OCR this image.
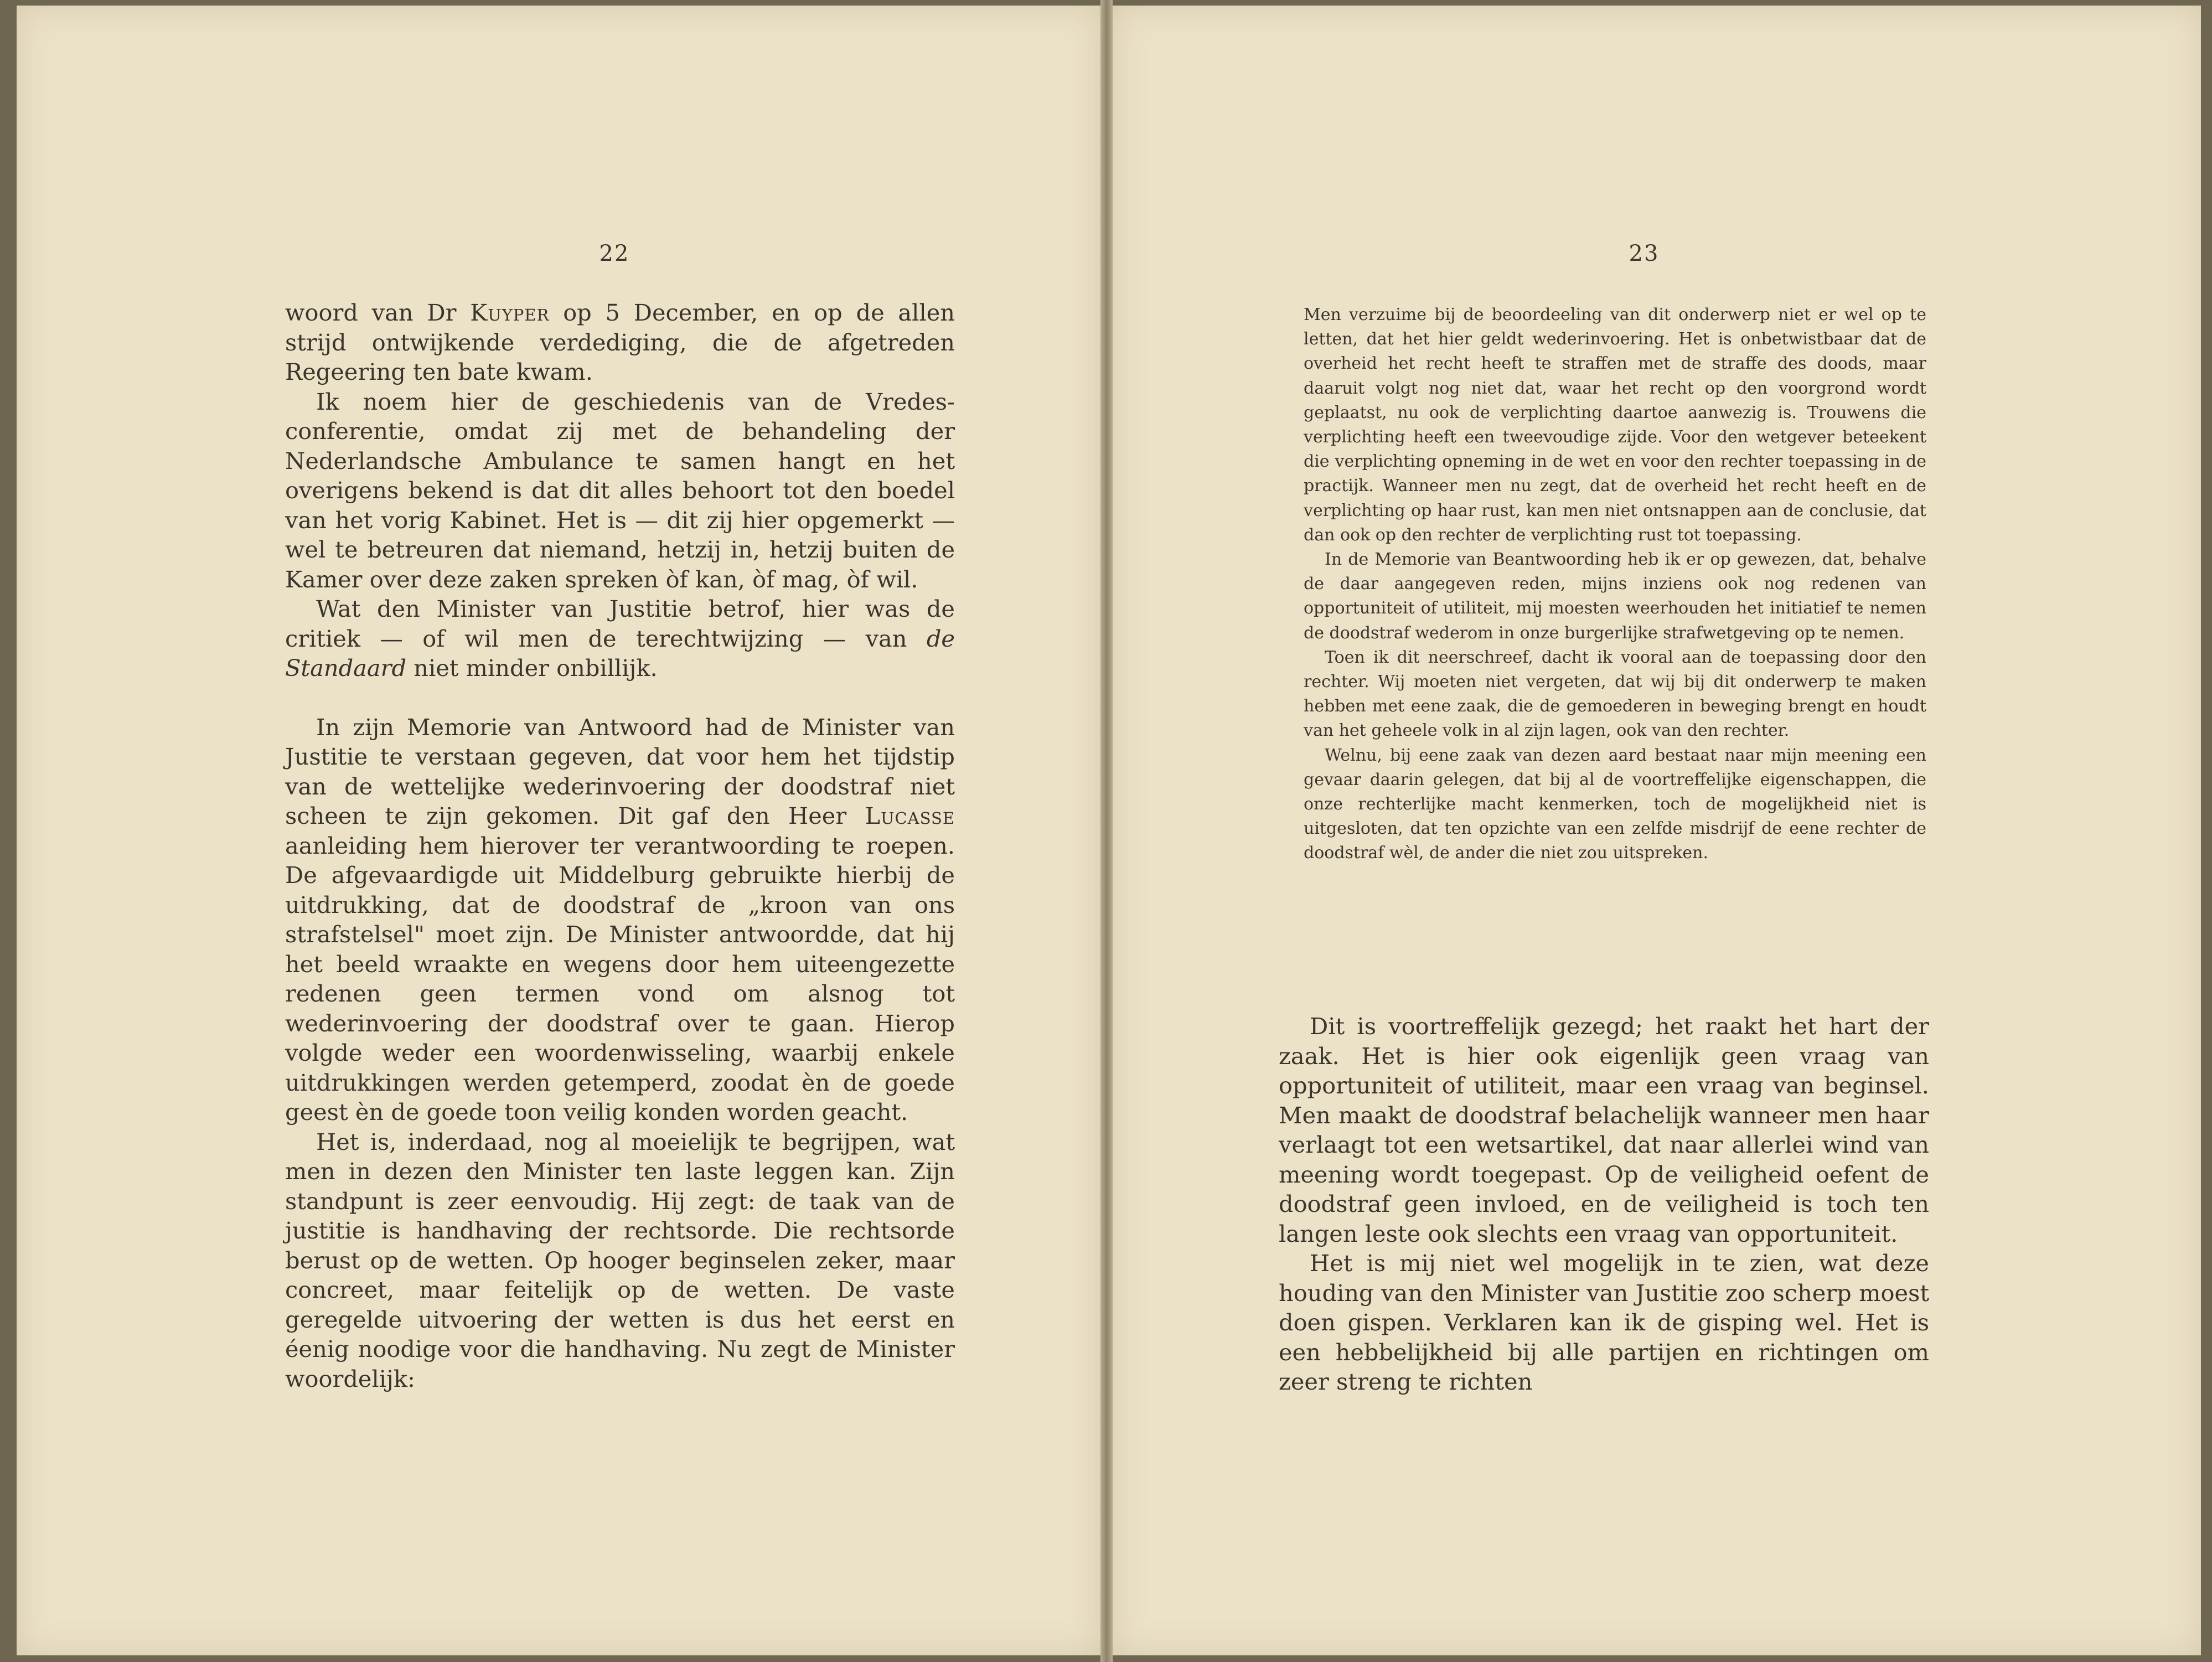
22

woord van Dr Kuyper op 5 December, en op de allen strijd ontwijkende verdediging, die de afgetreden Regeering ten bate kwam.

Ik noem hier de geschiedenis van de Vredes-conferentie, omdat zij met de behandeling der Nederlandsche Ambulance te samen hangt en het overigens bekend is dat dit alles behoort tot den boedel van het vorig Kabinet. Het is — dit zij hier opgemerkt — wel te betreuren dat niemand, hetzij in, hetzij buiten de Kamer over deze zaken spreken òf kan, òf mag, òf wil.

Wat den Minister van Justitie betrof, hier was de critiek — of wil men de terechtwijzing — van de Standaard niet minder onbillijk.

In zijn Memorie van Antwoord had de Minister van Justitie te verstaan gegeven, dat voor hem het tijdstip van de wettelijke wederinvoering der doodstraf niet scheen te zijn gekomen. Dit gaf den Heer Lucasse aanleiding hem hierover ter verantwoording te roepen. De afgevaardigde uit Middelburg gebruikte hierbij de uitdrukking, dat de doodstraf de „kroon van ons strafstelsel" moet zijn. De Minister antwoordde, dat hij het beeld wraakte en wegens door hem uiteengezette redenen geen termen vond om alsnog tot wederinvoering der doodstraf over te gaan. Hierop volgde weder een woordenwisseling, waarbij enkele uitdrukkingen werden getemperd, zoodat èn de goede geest èn de goede toon veilig konden worden geacht.

Het is, inderdaad, nog al moeielijk te begrijpen, wat men in dezen den Minister ten laste leggen kan. Zijn standpunt is zeer eenvoudig. Hij zegt: de taak van de justitie is handhaving der rechtsorde. Die rechtsorde berust op de wetten. Op hooger beginselen zeker, maar concreet, maar feitelijk op de wetten. De vaste geregelde uitvoering der wetten is dus het eerst en éenig noodige voor die handhaving. Nu zegt de Minister woordelijk:

23

Men verzuime bij de beoordeeling van dit onderwerp niet er wel op te letten, dat het hier geldt wederinvoering. Het is onbetwistbaar dat de overheid het recht heeft te straffen met de straffe des doods, maar daaruit volgt nog niet dat, waar het recht op den voorgrond wordt geplaatst, nu ook de verplichting daartoe aanwezig is. Trouwens die verplichting heeft een tweevoudige zijde. Voor den wetgever beteekent die verplichting opneming in de wet en voor den rechter toepassing in de practijk. Wanneer men nu zegt, dat de overheid het recht heeft en de verplichting op haar rust, kan men niet ontsnappen aan de conclusie, dat dan ook op den rechter de verplichting rust tot toepassing.

In de Memorie van Beantwoording heb ik er op gewezen, dat, behalve de daar aangegeven reden, mijns inziens ook nog redenen van opportuniteit of utiliteit, mij moesten weerhouden het initiatief te nemen de doodstraf wederom in onze burgerlijke strafwetgeving op te nemen.

Toen ik dit neerschreef, dacht ik vooral aan de toepassing door den rechter. Wij moeten niet vergeten, dat wij bij dit onderwerp te maken hebben met eene zaak, die de gemoederen in beweging brengt en houdt van het geheele volk in al zijn lagen, ook van den rechter.

Welnu, bij eene zaak van dezen aard bestaat naar mijn meening een gevaar daarin gelegen, dat bij al de voortreffelijke eigenschappen, die onze rechterlijke macht kenmerken, toch de mogelijkheid niet is uitgesloten, dat ten opzichte van een zelfde misdrijf de eene rechter de doodstraf wèl, de ander die niet zou uitspreken.

Dit is voortreffelijk gezegd; het raakt het hart der zaak. Het is hier ook eigenlijk geen vraag van opportuniteit of utiliteit, maar een vraag van beginsel. Men maakt de doodstraf belachelijk wanneer men haar verlaagt tot een wetsartikel, dat naar allerlei wind van meening wordt toegepast. Op de veiligheid oefent de doodstraf geen invloed, en de veiligheid is toch ten langen leste ook slechts een vraag van opportuniteit.

Het is mij niet wel mogelijk in te zien, wat deze houding van den Minister van Justitie zoo scherp moest doen gispen. Verklaren kan ik de gisping wel. Het is een hebbelijkheid bij alle partijen en richtingen om zeer streng te richten
